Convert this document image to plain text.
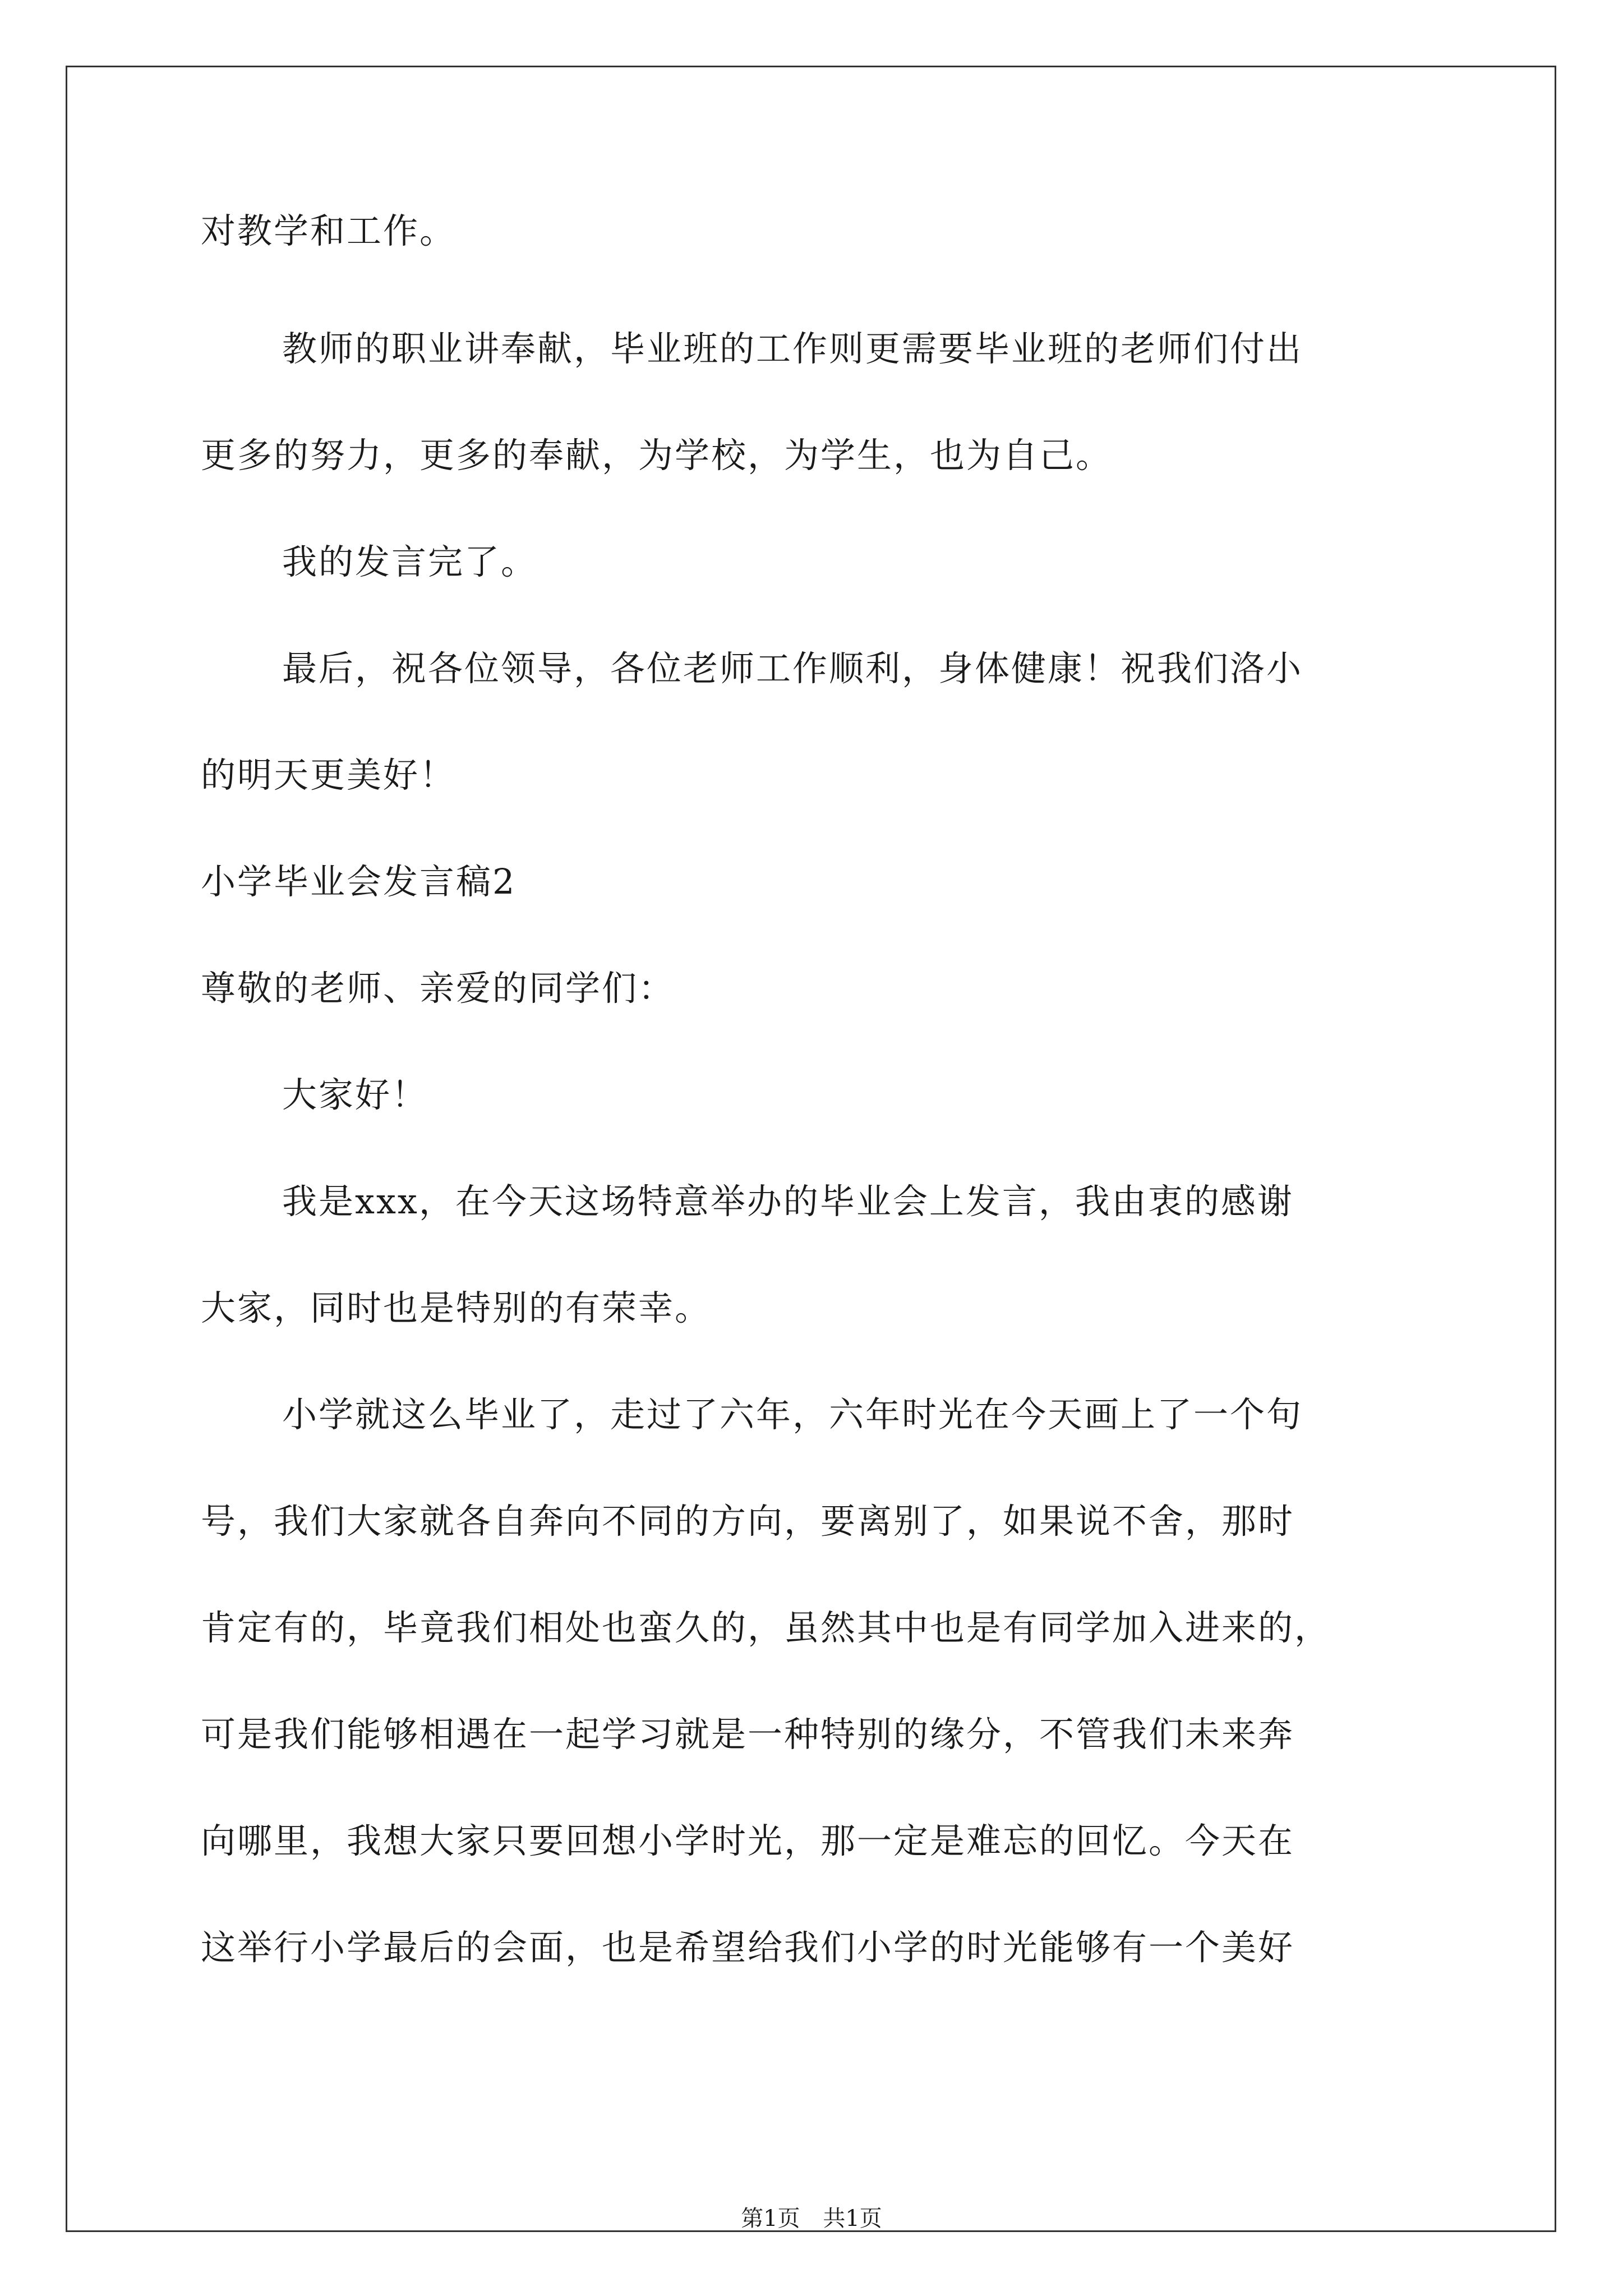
对教学和工作。
教师的职业讲奉献，毕业班的工作则更需要毕业班的老师们付出
更多的努力，更多的奉献，为学校，为学生，也为自己。
我的发言完了。
最后，祝各位领导，各位老师工作顺利，身体健康！祝我们洛小
的明天更美好！
小学毕业会发言稿2
尊敬的老师、亲爱的同学们：
大家好！
我是xxx，在今天这场特意举办的毕业会上发言，我由衷的感谢
大家，同时也是特别的有荣幸。
小学就这么毕业了，走过了六年，六年时光在今天画上了一个句
号，我们大家就各自奔向不同的方向，要离别了，如果说不舍，那时
肯定有的，毕竟我们相处也蛮久的，虽然其中也是有同学加入进来的，
可是我们能够相遇在一起学习就是一种特别的缘分，不管我们未来奔
向哪里，我想大家只要回想小学时光，那一定是难忘的回忆。今天在
这举行小学最后的会面，也是希望给我们小学的时光能够有一个美好
第1页 共1页
